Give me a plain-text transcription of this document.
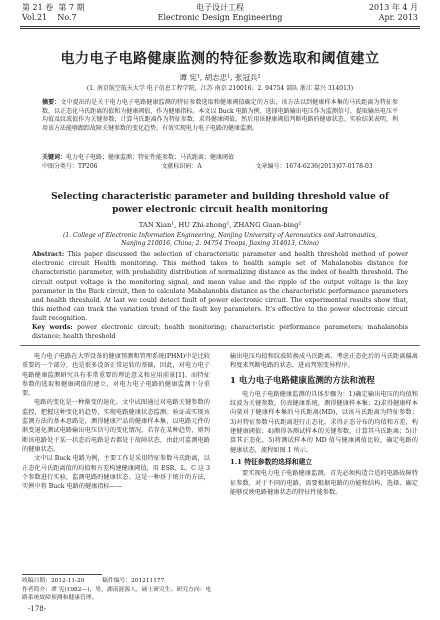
第 21 卷 第 7 期
Vol.21 No.7
电子设计工程
Electronic Design Engineering
2013 年 4 月
Apr. 2013
电力电子电路健康监测的特征参数选取和阈值建立
谭 宪¹, 胡志忠¹, 张冠兵²
(1. 南京航空航天大学 电子信息工程学院，江苏 南京 210016；2. 94754 部队 浙江 嘉兴 314013)
摘要：文中提出的是关于电力电子电路健康监测的特征参数选取和健康阈值确定的方法，该方法以到健康样本集的马氏距离为特征参数，以正态化马氏距离的值和为健康阈值，作为健康指标。本文以 Buck 电路为例，选择电路输出电压作为监测信号，提取输出电压平均值及纹波值作为关键参数，计算马氏距离作为特征参数，求得健康阈值。然后用该健康阈值判断电路的健康状态。实验结果表明，利用该方法能够跟踪故障关键参数的变化趋势，有效实现电力电子电路的健康监测。
关键词：电力电子电路；健康监测；特征性能参数；马氏距离；健康阈值
中图分类号：TP206	文献标识码：A	文章编号：1674-6236(2013)07-0178-03
Selecting characteristic parameter and building threshold value of power electronic circuit health monitoring
TAN Xian¹, HU Zhi-zhong¹, ZHANG Guan-bing²
(1. College of Electronic Information Engineering, Nanjing University of Aeronautics and Astronautics, Nanjing 210016, China; 2. 94754 Troops, Jiaxing 314013, China)
Abstract: This paper discussed the selection of characteristic parameter and health threshold method of power electronic circuit Health monitoring. This method takes to health sample set of Mahalanobis distance for characteristic parameter, with probability distribution of normalizing distance as the index of health threshold. The circuit output voltage is the monitoring signal, and mean value and the ripple of the output voltage is the key parameter in the Buck circuit, then to calculate Mahalanobis distance as the characteristic performance parameters and health threshold. At last we could detect fault of power electronic circuit. The experimental results show that, this method can track the variation trend of the fault key parameters. It's effective to the power electronic circuit fault recognition.
Key words: power electronic circuit; health monitoring; characteristic performance parameters; mahalanobis distance; health threshold

电力电子电路在大型设备的健康预测和管理系统(PHM)中是比较重要的一个部分，也是很多设备正常运转的基础，因此，对电力电子电路健康监测研究具有非常重要的理论意义和应用前景[1]。而特征参数的选取和健康阈值的建立，对电力电子电路的健康监测十分重要。

电路的变化是一种渐变的退化。文中试图通过对电路关键参数的监控，把握这种变化的趋势，实现电路健康状态监测。验证或实现该监测方法的基本思路是，测得健康产品的健康样本集，以电路元件的渐变退化测试电路输出电压信号的变化情况，若存在某种趋势，则判断该电路处于某一状态后电路是否都处于故障状态，由此可监测电路的健康状态。

文中以 Buck 电路为例，主要工作是采用特征参数马氏距离，以正态化马氏距离值的均值和方差构建健康阈值，用 ESR、L、C 这 3 个参数进行实验，监测电路的健康状态。这是一种基于统计的方法，实例中将 Buck 电路的健康指标——

输出电压均值和纹波转换成马氏距离，考虑正态化后的马氏距离偏离程度来判断电路的状态，进而判别变异程序。

1 电力电子电路健康监测的方法和流程

电力电子电路健康监测的具体步骤为：1)确定输出电压的均值和纹波为关键参数，仿真健康系统，测得健康样本集；2)求得健康样本向量对于健康样本集的马氏距离(MD)，以该马氏距离为特征参数；3)对特征参数马氏距离进行正态化，求得正态分布的均值和方差，构建健康阈值；4)测得各测试样本的关键参数，计算其马氏距离；5)计算其正态化，5)将测试样本的 MD 值与健康阈值比较，确定电路的健康状态，流程如图 1 所示。

1.1 特征参数的选择和建立

要实现电力电子电路健康监测，首先必须构造合适的电路故障特征参数，对于不同的电路，需要根据电路的功能和结构，选择、确定能够反映电路健康状态的特征性能参数。

收稿日期：2012-11-20	稿件编号：201211177
作者简介：谭 宪(1982—)，男，湖南涟源人，硕士研究生。研究方向：电路系统故障预测和健康管理。
-178-
